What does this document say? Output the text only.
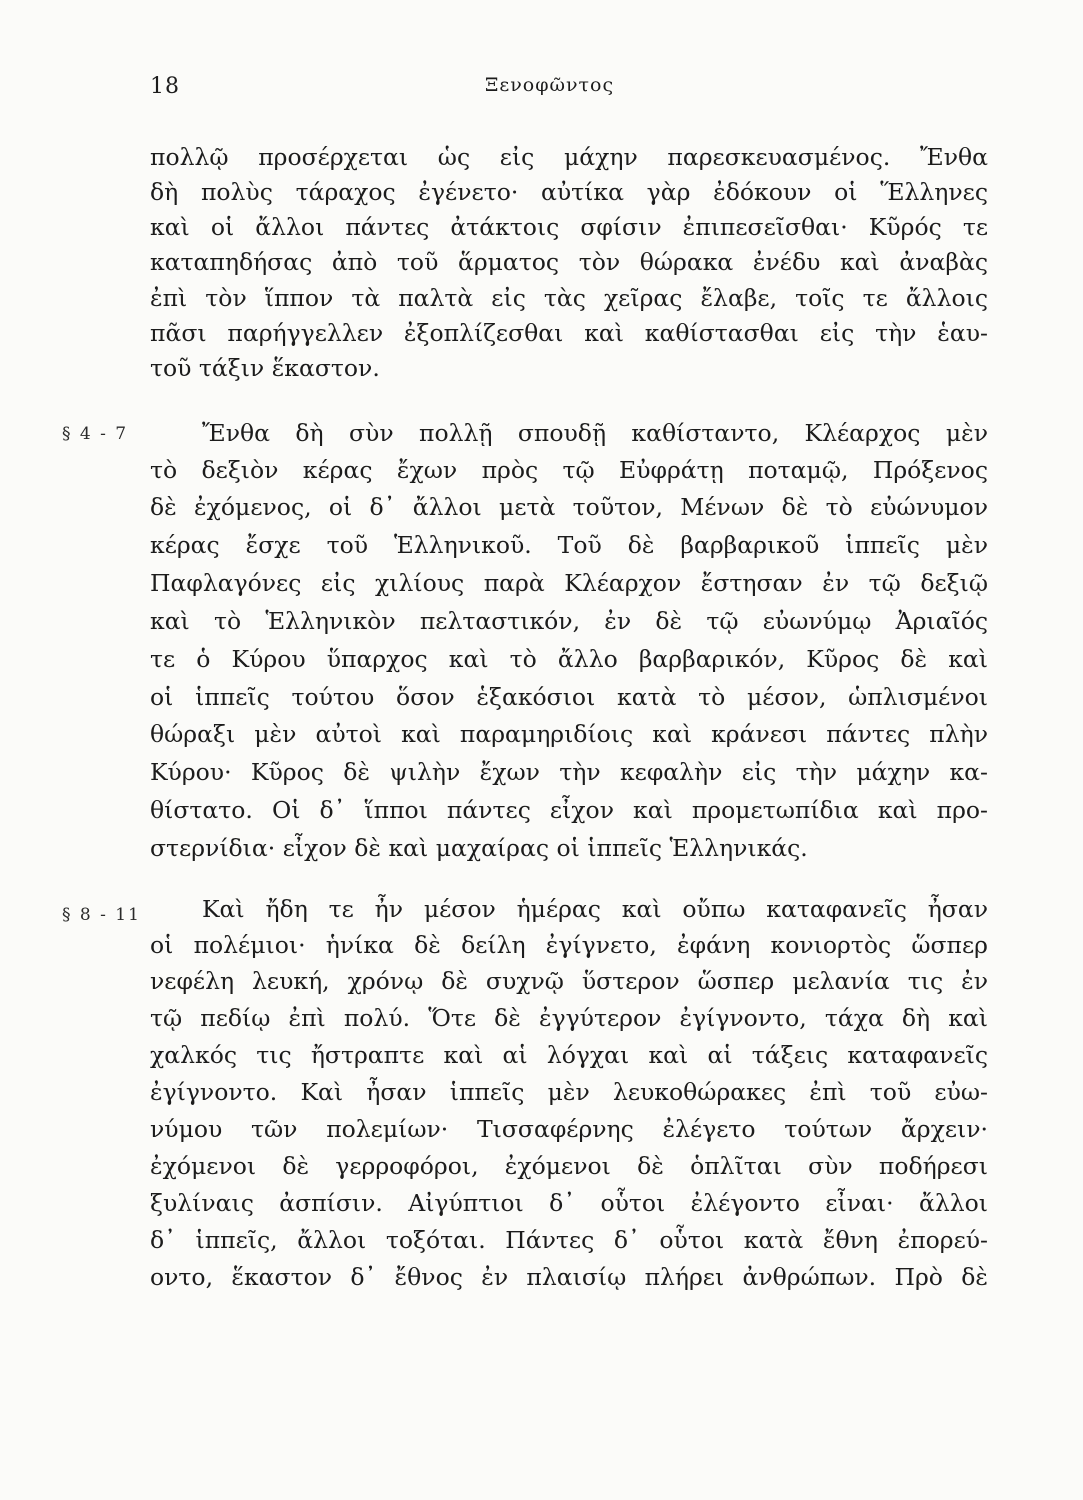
18	Ξενοφῶντος
§ 4 - 7
§ 8 - 11
πολλῷ προσέρχεται ὡς εἰς μάχην παρεσκευασμένος. Ἔνθα
δὴ πολὺς τάραχος ἐγένετο· αὐτίκα γὰρ ἐδόκουν οἱ Ἕλληνες
καὶ οἱ ἄλλοι πάντες ἀτάκτοις σφίσιν ἐπιπεσεῖσθαι· Κῦρός τε
καταπηδήσας ἀπὸ τοῦ ἅρματος τὸν θώρακα ἐνέδυ καὶ ἀναβὰς
ἐπὶ τὸν ἵππον τὰ παλτὰ εἰς τὰς χεῖρας ἔλαβε, τοῖς τε ἄλλοις
πᾶσι παρήγγελλεν ἐξοπλίζεσθαι καὶ καθίστασθαι εἰς τὴν ἑαυ-
τοῦ τάξιν ἕκαστον.
Ἔνθα δὴ σὺν πολλῇ σπουδῇ καθίσταντο, Κλέαρχος μὲν
τὸ δεξιὸν κέρας ἔχων πρὸς τῷ Εὐφράτῃ ποταμῷ, Πρόξενος
δὲ ἐχόμενος, οἱ δ᾽ ἄλλοι μετὰ τοῦτον, Μένων δὲ τὸ εὐώνυμον
κέρας ἔσχε τοῦ Ἑλληνικοῦ. Τοῦ δὲ βαρβαρικοῦ ἱππεῖς μὲν
Παφλαγόνες εἰς χιλίους παρὰ Κλέαρχον ἔστησαν ἐν τῷ δεξιῷ
καὶ τὸ Ἑλληνικὸν πελταστικόν, ἐν δὲ τῷ εὐωνύμῳ Ἀριαῖός
τε ὁ Κύρου ὕπαρχος καὶ τὸ ἄλλο βαρβαρικόν, Κῦρος δὲ καὶ
οἱ ἱππεῖς τούτου ὅσον ἑξακόσιοι κατὰ τὸ μέσον, ὡπλισμένοι
θώραξι μὲν αὐτοὶ καὶ παραμηριδίοις καὶ κράνεσι πάντες πλὴν
Κύρου· Κῦρος δὲ ψιλὴν ἔχων τὴν κεφαλὴν εἰς τὴν μάχην κα-
θίστατο. Οἱ δ᾽ ἵπποι πάντες εἶχον καὶ προμετωπίδια καὶ προ-
στερνίδια· εἶχον δὲ καὶ μαχαίρας οἱ ἱππεῖς Ἑλληνικάς.
Καὶ ἤδη τε ἦν μέσον ἡμέρας καὶ οὔπω καταφανεῖς ἦσαν
οἱ πολέμιοι· ἡνίκα δὲ δείλη ἐγίγνετο, ἐφάνη κονιορτὸς ὥσπερ
νεφέλη λευκή, χρόνῳ δὲ συχνῷ ὕστερον ὥσπερ μελανία τις ἐν
τῷ πεδίῳ ἐπὶ πολύ. Ὅτε δὲ ἐγγύτερον ἐγίγνοντο, τάχα δὴ καὶ
χαλκός τις ἤστραπτε καὶ αἱ λόγχαι καὶ αἱ τάξεις καταφανεῖς
ἐγίγνοντο. Καὶ ἦσαν ἱππεῖς μὲν λευκοθώρακες ἐπὶ τοῦ εὐω-
νύμου τῶν πολεμίων· Τισσαφέρνης ἐλέγετο τούτων ἄρχειν·
ἐχόμενοι δὲ γερροφόροι, ἐχόμενοι δὲ ὁπλῖται σὺν ποδήρεσι
ξυλίναις ἀσπίσιν. Αἰγύπτιοι δ᾽ οὗτοι ἐλέγοντο εἶναι· ἄλλοι
δ᾽ ἱππεῖς, ἄλλοι τοξόται. Πάντες δ᾽ οὗτοι κατὰ ἔθνη ἐπορεύ-
οντο, ἕκαστον δ᾽ ἔθνος ἐν πλαισίῳ πλήρει ἀνθρώπων. Πρὸ δὲ
